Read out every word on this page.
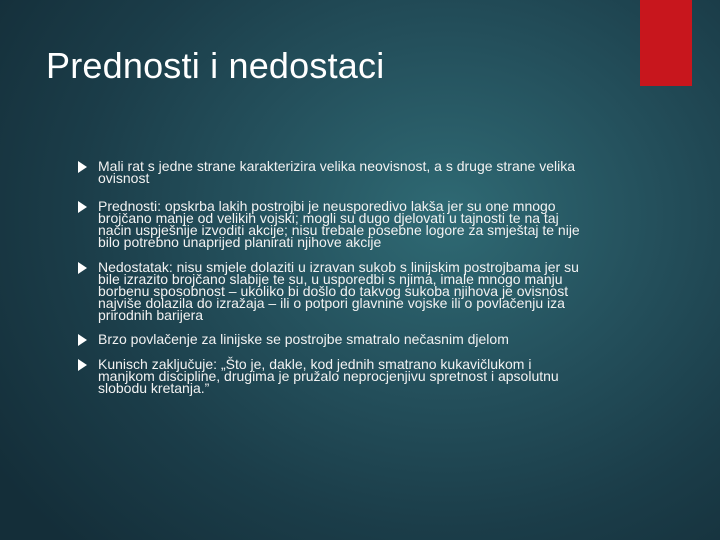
Prednosti i nedostaci
Mali rat s jedne strane karakterizira velika neovisnost, a s druge strane velika ovisnost
Prednosti: opskrba lakih postrojbi je neusporedivo lakša jer su one mnogo brojčano manje od velikih vojski; mogli su dugo djelovati u tajnosti te na taj način uspješnije izvoditi akcije; nisu trebale posebne logore za smještaj te nije bilo potrebno unaprijed planirati njihove akcije
Nedostatak: nisu smjele dolaziti u izravan sukob s linijskim postrojbama jer su bile izrazito brojčano slabije te su, u usporedbi s njima, imale mnogo manju borbenu sposobnost – ukoliko bi došlo do takvog sukoba njihova je ovisnost najviše dolazila do izražaja – ili o potpori glavnine vojske ili o povlačenju iza prirodnih barijera
Brzo povlačenje za linijske se postrojbe smatralo nečasnim djelom
Kunisch zaključuje: „Što je, dakle, kod jednih smatrano kukavičlukom i manjkom discipline, drugima je pružalo neprocjenjivu spretnost i apsolutnu slobodu kretanja.”
